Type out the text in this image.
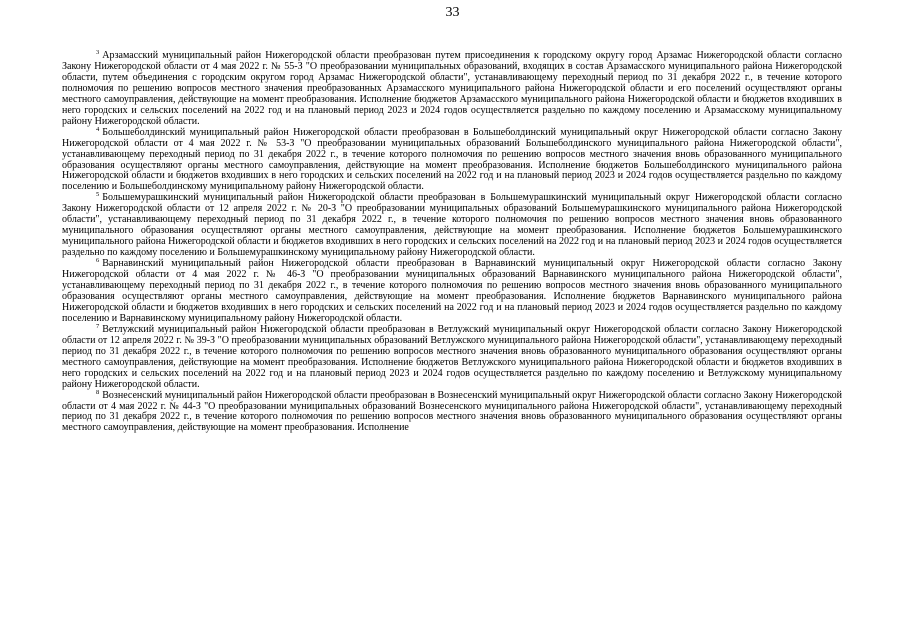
33

$^3$ Арзамасский муниципальный район Нижегородской области преобразован путем присоединения к городскому округу город Арзамас Нижегородской области согласно Закону Нижегородской области от 4 мая 2022 г. № 55-З "О преобразовании муниципальных образований, входящих в состав Арзамасского муниципального района Нижегородской области, путем объединения с городским округом город Арзамас Нижегородской области", устанавливающему переходный период по 31 декабря 2022 г., в течение которого полномочия по решению вопросов местного значения преобразованных Арзамасского муниципального района Нижегородской области и его поселений осуществляют органы местного самоуправления, действующие на момент преобразования. Исполнение бюджетов Арзамасского муниципального района Нижегородской области и бюджетов входивших в него городских и сельских поселений на 2022 год и на плановый период 2023 и 2024 годов осуществляется раздельно по каждому поселению и Арзамасскому муниципальному району Нижегородской области.

$^4$ Большеболдинский муниципальный район Нижегородской области преобразован в Большеболдинский муниципальный округ Нижегородской области согласно Закону Нижегородской области от 4 мая 2022 г. № 53-З "О преобразовании муниципальных образований Большеболдинского муниципального района Нижегородской области", устанавливающему переходный период по 31 декабря 2022 г., в течение которого полномочия по решению вопросов местного значения вновь образованного муниципального образования осуществляют органы местного самоуправления, действующие на момент преобразования. Исполнение бюджетов Большеболдинского муниципального района Нижегородской области и бюджетов входивших в него городских и сельских поселений на 2022 год и на плановый период 2023 и 2024 годов осуществляется раздельно по каждому поселению и Большеболдинскому муниципальному району Нижегородской области.

$^5$ Большемурашкинский муниципальный район Нижегородской области преобразован в Большемурашкинский муниципальный округ Нижегородской области согласно Закону Нижегородской области от 12 апреля 2022 г. № 20-З "О преобразовании муниципальных образований Большемурашкинского муниципального района Нижегородской области", устанавливающему переходный период по 31 декабря 2022 г., в течение которого полномочия по решению вопросов местного значения вновь образованного муниципального образования осуществляют органы местного самоуправления, действующие на момент преобразования. Исполнение бюджетов Большемурашкинского муниципального района Нижегородской области и бюджетов входивших в него городских и сельских поселений на 2022 год и на плановый период 2023 и 2024 годов осуществляется раздельно по каждому поселению и Большемурашкинскому муниципальному району Нижегородской области.

$^6$ Варнавинский муниципальный район Нижегородской области преобразован в Варнавинский муниципальный округ Нижегородской области согласно Закону Нижегородской области от 4 мая 2022 г. № 46-З "О преобразовании муниципальных образований Варнавинского муниципального района Нижегородской области", устанавливающему переходный период по 31 декабря 2022 г., в течение которого полномочия по решению вопросов местного значения вновь образованного муниципального образования осуществляют органы местного самоуправления, действующие на момент преобразования. Исполнение бюджетов Варнавинского муниципального района Нижегородской области и бюджетов входивших в него городских и сельских поселений на 2022 год и на плановый период 2023 и 2024 годов осуществляется раздельно по каждому поселению и Варнавинскому муниципальному району Нижегородской области.

$^7$ Ветлужский муниципальный район Нижегородской области преобразован в Ветлужский муниципальный округ Нижегородской области согласно Закону Нижегородской области от 12 апреля 2022 г. № 39-З "О преобразовании муниципальных образований Ветлужского муниципального района Нижегородской области", устанавливающему переходный период по 31 декабря 2022 г., в течение которого полномочия по решению вопросов местного значения вновь образованного муниципального образования осуществляют органы местного самоуправления, действующие на момент преобразования. Исполнение бюджетов Ветлужского муниципального района Нижегородской области и бюджетов входивших в него городских и сельских поселений на 2022 год и на плановый период 2023 и 2024 годов осуществляется раздельно по каждому поселению и Ветлужскому муниципальному району Нижегородской области.

$^8$ Вознесенский муниципальный район Нижегородской области преобразован в Вознесенский муниципальный округ Нижегородской области согласно Закону Нижегородской области от 4 мая 2022 г. № 44-З "О преобразовании муниципальных образований Вознесенского муниципального района Нижегородской области", устанавливающему переходный период по 31 декабря 2022 г., в течение которого полномочия по решению вопросов местного значения вновь образованного муниципального образования осуществляют органы местного самоуправления, действующие на момент преобразования. Исполнение
